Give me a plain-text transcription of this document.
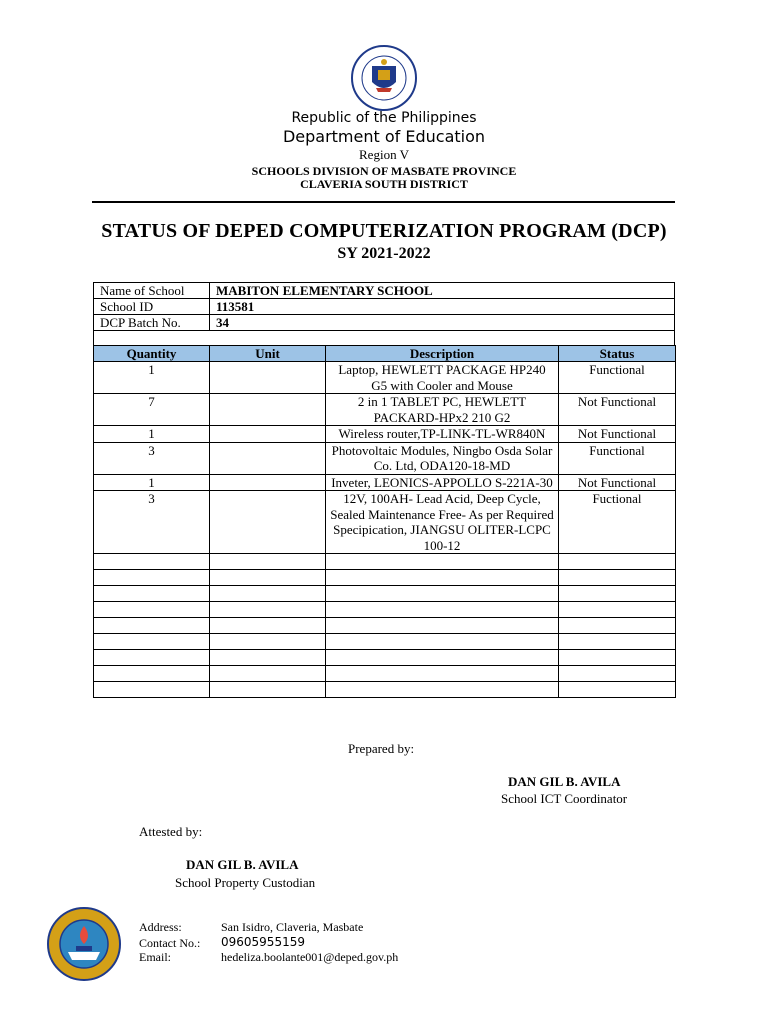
Republic of the Philippines
Department of Education
Region V
SCHOOLS DIVISION OF MASBATE PROVINCE
CLAVERIA SOUTH DISTRICT
STATUS OF DEPED COMPUTERIZATION PROGRAM (DCP)
SY 2021-2022
Name of School	MABITON ELEMENTARY SCHOOL
School ID	113581
DCP Batch No.	34

Quantity	Unit	Description	Status
1		Laptop, HEWLETT PACKAGE HP240 G5 with Cooler and Mouse	Functional
7		2 in 1 TABLET PC, HEWLETT PACKARD-HPx2 210 G2	Not Functional
1		Wireless router,TP-LINK-TL-WR840N	Not Functional
3		Photovoltaic Modules, Ningbo Osda Solar Co. Ltd, ODA120-18-MD	Functional
1		Inveter, LEONICS-APPOLLO S-221A-30	Not Functional
3		12V, 100AH- Lead Acid, Deep Cycle, Sealed Maintenance Free- As per Required Specipication, JIANGSU OLITER-LCPC 100-12	Fuctional

Prepared by:
DAN GIL B. AVILA
School ICT Coordinator
Attested by:
DAN GIL B. AVILA
School Property Custodian
Address:	San Isidro, Claveria, Masbate
Contact No.: 09605955159
Email:	hedeliza.boolante001@deped.gov.ph
